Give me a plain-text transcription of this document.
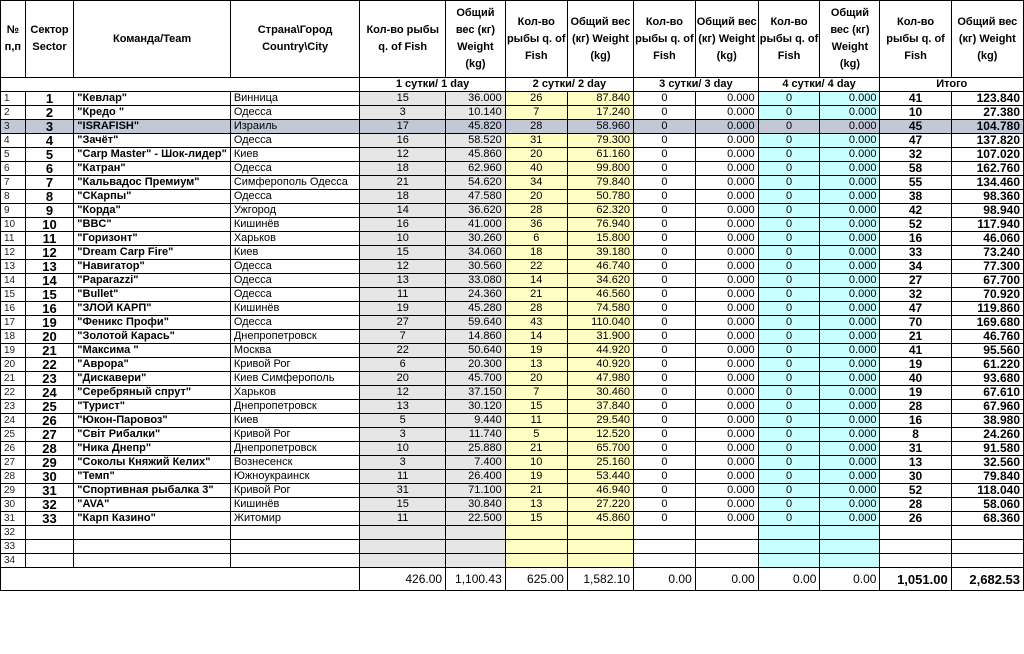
№ п,п	Сектор Sector	Команда/Team	Страна\Город Country\City	Кол-во рыбы q. of Fish	Общий вес (кг) Weight (kg)	Кол-во рыбы q. of Fish	Общий вес (кг) Weight (kg)	Кол-во рыбы q. of Fish	Общий вес (кг) Weight (kg)	Кол-во рыбы q. of Fish	Общий вес (кг) Weight (kg)	Кол-во рыбы q. of Fish	Общий вес (кг) Weight (kg)
				1 сутки/ 1 day		2 сутки/ 2 day		3 сутки/ 3 day		4 сутки/ 4 day		Итого	
1	1	"Кевлар"	Винница	15	36.000	26	87.840	0	0.000	0	0.000	41	123.840
2	2	"Кредо "	Одесса	3	10.140	7	17.240	0	0.000	0	0.000	10	27.380
3	3	"ISRAFISH"	Израиль	17	45.820	28	58.960	0	0.000	0	0.000	45	104.780
4	4	"Зачёт"	Одесса	16	58.520	31	79.300	0	0.000	0	0.000	47	137.820
5	5	"Carp Master" - Шок-лидер"	Киев	12	45.860	20	61.160	0	0.000	0	0.000	32	107.020
6	6	"Катран"	Одесса	18	62.960	40	99.800	0	0.000	0	0.000	58	162.760
7	7	"Кальвадос Премиум"	Симферополь Одесса	21	54.620	34	79.840	0	0.000	0	0.000	55	134.460
8	8	"СКарпы"	Одесса	18	47.580	20	50.780	0	0.000	0	0.000	38	98.360
9	9	"Корда"	Ужгород	14	36.620	28	62.320	0	0.000	0	0.000	42	98.940
10	10	"BBC"	Кишинёв	16	41.000	36	76.940	0	0.000	0	0.000	52	117.940
11	11	"Горизонт"	Харьков	10	30.260	6	15.800	0	0.000	0	0.000	16	46.060
12	12	"Dream Carp Fire"	Киев	15	34.060	18	39.180	0	0.000	0	0.000	33	73.240
13	13	"Навигатор"	Одесса	12	30.560	22	46.740	0	0.000	0	0.000	34	77.300
14	14	"Paparazzi"	Одесса	13	33.080	14	34.620	0	0.000	0	0.000	27	67.700
15	15	"Bullet"	Одесса	11	24.360	21	46.560	0	0.000	0	0.000	32	70.920
16	16	"ЗЛОЙ КАРП"	Кишинёв	19	45.280	28	74.580	0	0.000	0	0.000	47	119.860
17	19	"Феникс Профи"	Одесса	27	59.640	43	110.040	0	0.000	0	0.000	70	169.680
18	20	"Золотой Карась"	Днепропетровск	7	14.860	14	31.900	0	0.000	0	0.000	21	46.760
19	21	"Максима "	Москва	22	50.640	19	44.920	0	0.000	0	0.000	41	95.560
20	22	"Аврора"	Кривой Рог	6	20.300	13	40.920	0	0.000	0	0.000	19	61.220
21	23	"Дискавери"	Киев Симферополь	20	45.700	20	47.980	0	0.000	0	0.000	40	93.680
22	24	"Серебряный спрут"	Харьков	12	37.150	7	30.460	0	0.000	0	0.000	19	67.610
23	25	"Турист"	Днепропетровск	13	30.120	15	37.840	0	0.000	0	0.000	28	67.960
24	26	"Юкон-Паровоз"	Киев	5	9.440	11	29.540	0	0.000	0	0.000	16	38.980
25	27	"Світ Рибалки"	Кривой Рог	3	11.740	5	12.520	0	0.000	0	0.000	8	24.260
26	28	"Ника Днепр"	Днепропетровск	10	25.880	21	65.700	0	0.000	0	0.000	31	91.580
27	29	"Соколы Княжий Келих"	Вознесенск	3	7.400	10	25.160	0	0.000	0	0.000	13	32.560
28	30	"Темп"	Южноукраинск	11	26.400	19	53.440	0	0.000	0	0.000	30	79.840
29	31	"Спортивная рыбалка 3"	Кривой Рог	31	71.100	21	46.940	0	0.000	0	0.000	52	118.040
30	32	"AVA"	Кишинёв	15	30.840	13	27.220	0	0.000	0	0.000	28	58.060
31	33	"Карп Казино"	Житомир	11	22.500	15	45.860	0	0.000	0	0.000	26	68.360
32													
33													
34													
				426.00	1,100.43	625.00	1,582.10	0.00	0.00	0.00	0.00	1,051.00	2,682.53
